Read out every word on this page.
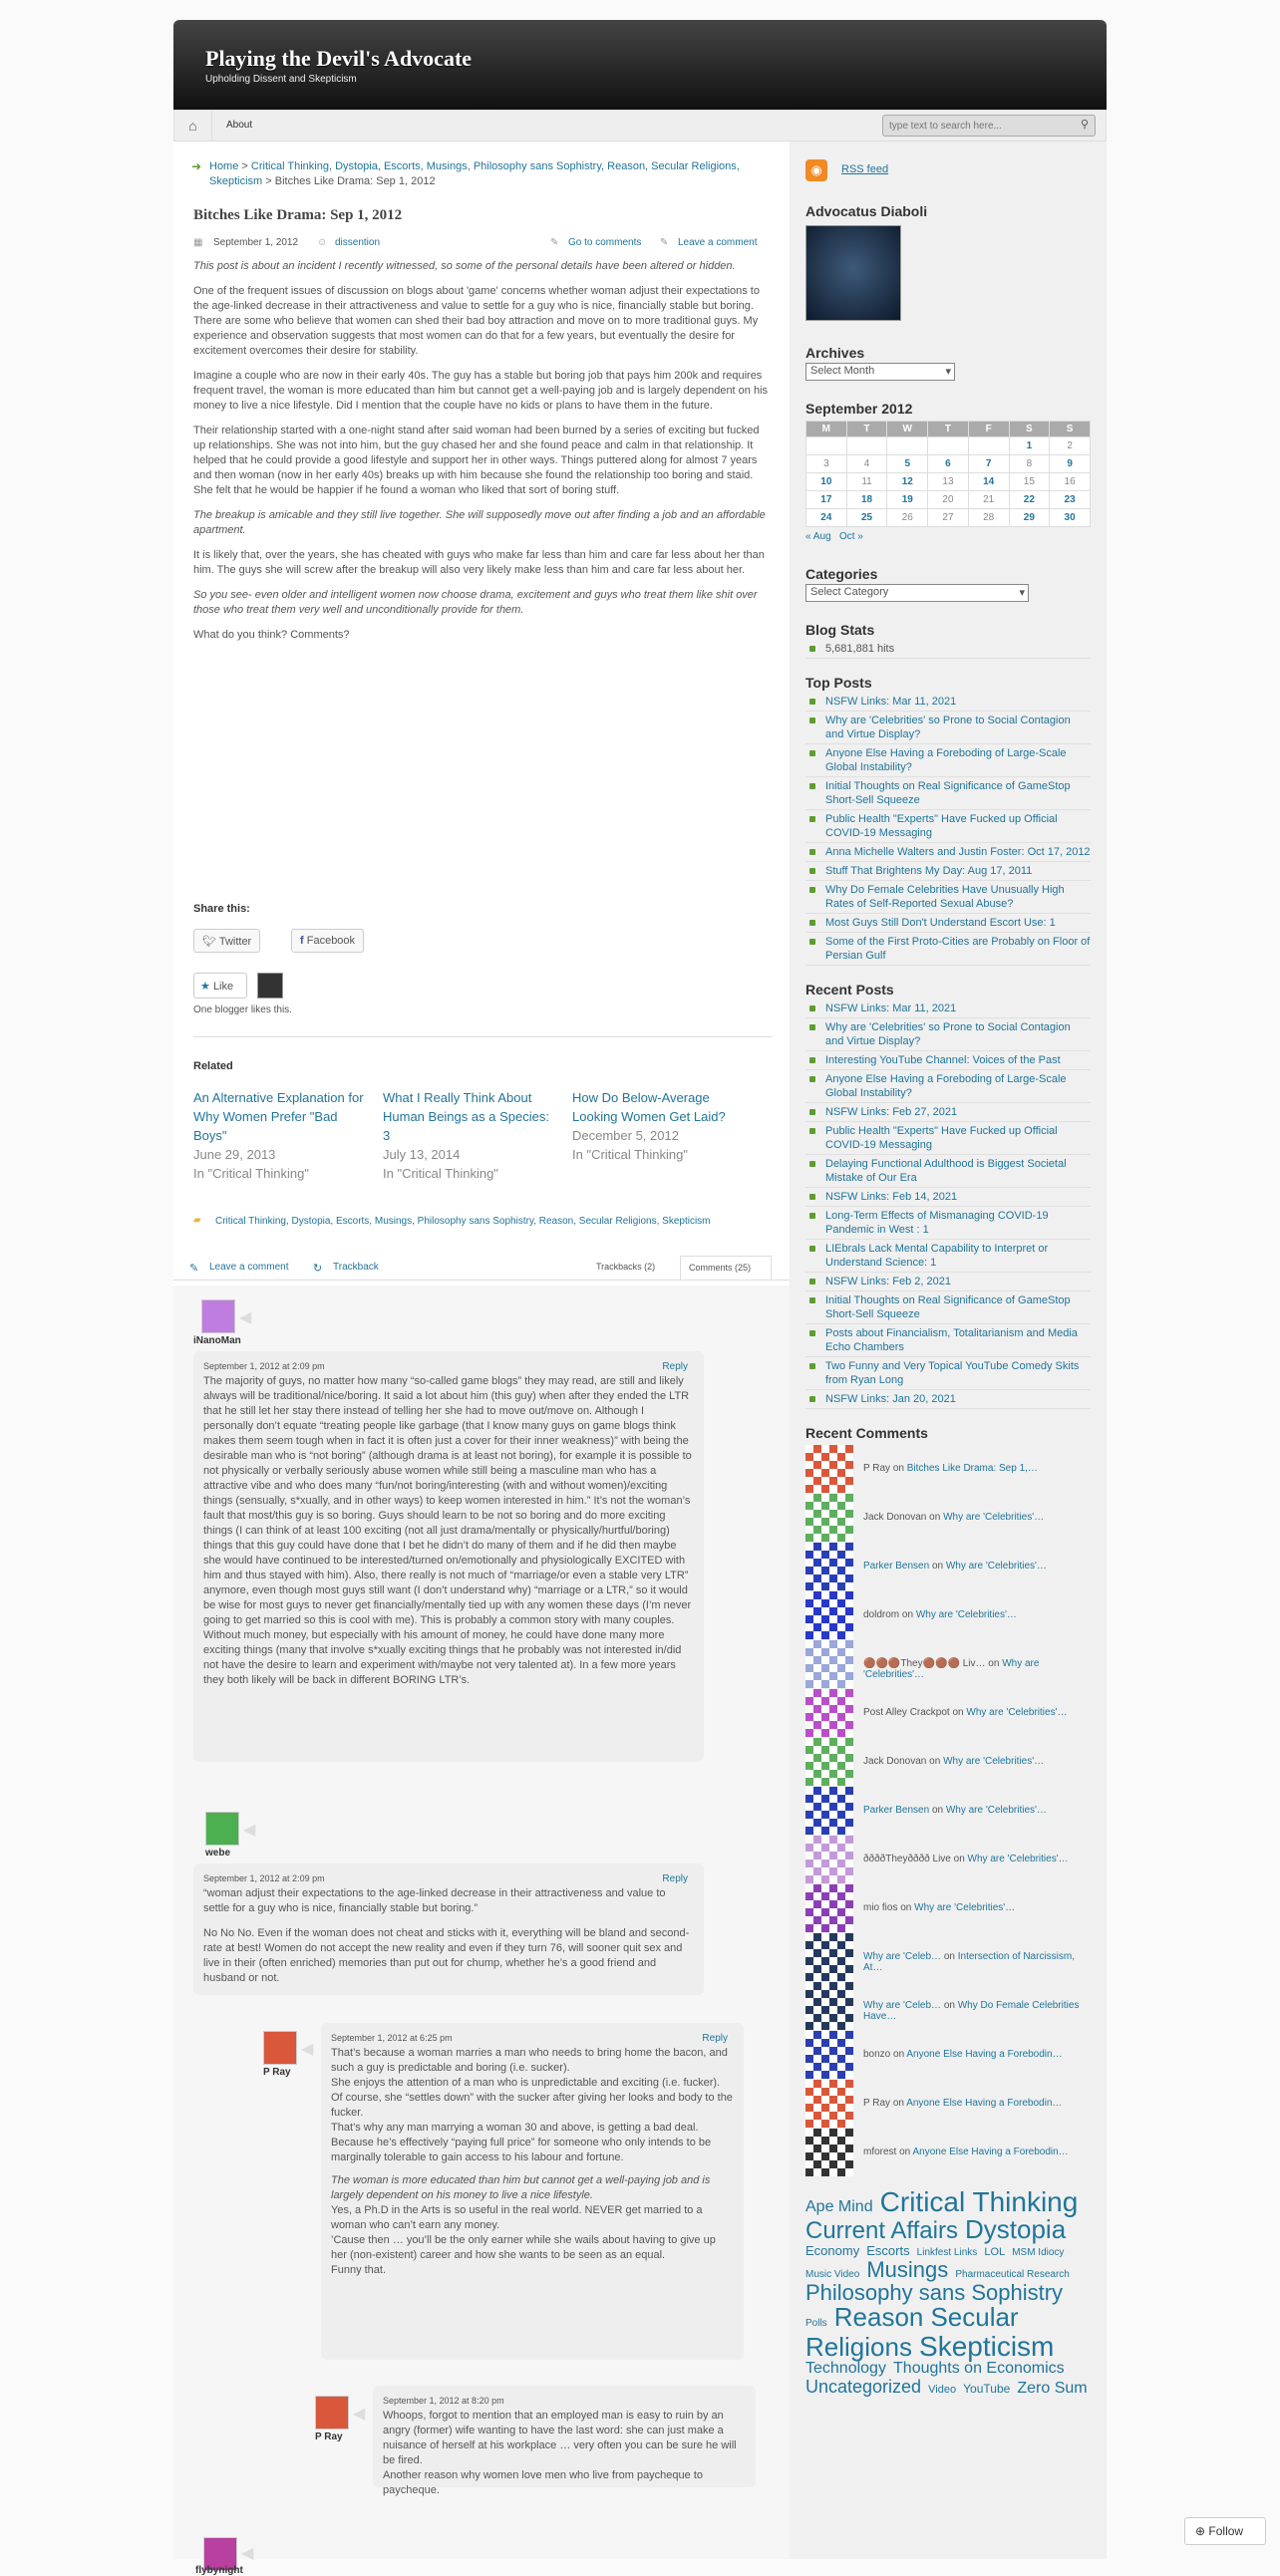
Playing the Devil's Advocate
Upholding Dissent and Skepticism
⌂	About
type text to search here...	⚲
➜ Home > Critical Thinking, Dystopia, Escorts, Musings, Philosophy sans Sophistry, Reason, Secular Religions, Skepticism > Bitches Like Drama: Sep 1, 2012
Bitches Like Drama: Sep 1, 2012
▦ September 1, 2012 ☺ dissention	✎ Go to comments ✎ Leave a comment

This post is about an incident I recently witnessed, so some of the personal details have been altered or hidden.

One of the frequent issues of discussion on blogs about 'game' concerns whether woman adjust their expectations to the age-linked decrease in their attractiveness and value to settle for a guy who is nice, financially stable but boring. There are some who believe that women can shed their bad boy attraction and move on to more traditional guys. My experience and observation suggests that most women can do that for a few years, but eventually the desire for excitement overcomes their desire for stability.

Imagine a couple who are now in their early 40s. The guy has a stable but boring job that pays him 200k and requires frequent travel, the woman is more educated than him but cannot get a well-paying job and is largely dependent on his money to live a nice lifestyle. Did I mention that the couple have no kids or plans to have them in the future.

Their relationship started with a one-night stand after said woman had been burned by a series of exciting but fucked up relationships. She was not into him, but the guy chased her and she found peace and calm in that relationship. It helped that he could provide a good lifestyle and support her in other ways. Things puttered along for almost 7 years and then woman (now in her early 40s) breaks up with him because she found the relationship too boring and staid. She felt that he would be happier if he found a woman who liked that sort of boring stuff.

The breakup is amicable and they still live together. She will supposedly move out after finding a job and an affordable apartment.

It is likely that, over the years, she has cheated with guys who make far less than him and care far less about her than him. The guys she will screw after the breakup will also very likely make less than him and care far less about her.

So you see- even older and intelligent women now choose drama, excitement and guys who treat them like shit over those who treat them very well and unconditionally provide for them.

What do you think? Comments?

Share this:
🐦︎ Twitter	f Facebook
★ Like
One blogger likes this.
Related
An Alternative Explanation for Why Women Prefer "Bad Boys"
June 29, 2013
In "Critical Thinking"
What I Really Think About Human Beings as a Species: 3
July 13, 2014
In "Critical Thinking"
How Do Below-Average Looking Women Get Laid?
December 5, 2012
In "Critical Thinking"
▰ Critical Thinking, Dystopia, Escorts, Musings, Philosophy sans Sophistry, Reason, Secular Religions, Skepticism
✎ Leave a comment ↻ Trackback	Trackbacks (2)	Comments (25)
◀
iNanoMan
September 1, 2012 at 2:09 pm	Reply

The majority of guys, no matter how many “so-called game blogs” they may read, are still and likely always will be traditional/nice/boring. It said a lot about him (this guy) when after they ended the LTR that he still let her stay there instead of telling her she had to move out/move on. Although I personally don’t equate “treating people like garbage (that I know many guys on game blogs think makes them seem tough when in fact it is often just a cover for their inner weakness)” with being the desirable man who is “not boring” (although drama is at least not boring), for example it is possible to not physically or verbally seriously abuse women while still being a masculine man who has a attractive vibe and who does many “fun/not boring/interesting (with and without women)/exciting things (sensually, s*xually, and in other ways) to keep women interested in him.” It’s not the woman’s fault that most/this guy is so boring. Guys should learn to be not so boring and do more exciting things (I can think of at least 100 exciting (not all just drama/mentally or physically/hurtful/boring) things that this guy could have done that I bet he didn’t do many of them and if he did then maybe she would have continued to be interested/turned on/emotionally and physiologically EXCITED with him and thus stayed with him). Also, there really is not much of “marriage/or even a stable very LTR” anymore, even though most guys still want (I don’t understand why) “marriage or a LTR,” so it would be wise for most guys to never get financially/mentally tied up with any women these days (I’m never going to get married so this is cool with me). This is probably a common story with many couples. Without much money, but especially with his amount of money, he could have done many more exciting things (many that involve s*xually exciting things that he probably was not interested in/did not have the desire to learn and experiment with/maybe not very talented at). In a few more years they both likely will be back in different BORING LTR’s.

◀
webe
September 1, 2012 at 2:09 pm	Reply

“woman adjust their expectations to the age-linked decrease in their attractiveness and value to settle for a guy who is nice, financially stable but boring.”

No No No. Even if the woman does not cheat and sticks with it, everything will be bland and second-rate at best! Women do not accept the new reality and even if they turn 76, will sooner quit sex and live in their (often enriched) memories than put out for chump, whether he’s a good friend and husband or not.

◀
P Ray
September 1, 2012 at 6:25 pm	Reply

That’s because a woman marries a man who needs to bring home the bacon, and such a guy is predictable and boring (i.e. sucker).

She enjoys the attention of a man who is unpredictable and exciting (i.e. fucker).

Of course, she “settles down” with the sucker after giving her looks and body to the fucker.

That’s why any man marrying a woman 30 and above, is getting a bad deal.

Because he’s effectively “paying full price” for someone who only intends to be marginally tolerable to gain access to his labour and fortune.

The woman is more educated than him but cannot get a well-paying job and is largely dependent on his money to live a nice lifestyle.

Yes, a Ph.D in the Arts is so useful in the real world. NEVER get married to a woman who can’t earn any money.

’Cause then … you’ll be the only earner while she wails about having to give up her (non-existent) career and how she wants to be seen as an equal.

Funny that.

◀
P Ray
September 1, 2012 at 8:20 pm

Whoops, forgot to mention that an employed man is easy to ruin by an angry (former) wife wanting to have the last word: she can just make a nuisance of herself at his workplace … very often you can be sure he will be fired.

Another reason why women love men who live from paycheque to paycheque.

◀
flybynight
◉	RSS feed
Advocatus Diaboli
Archives
Select Month	▾
September 2012
M	T	W	T	F	S	S
					1	2
3	4	5	6	7	8	9
10	11	12	13	14	15	16
17	18	19	20	21	22	23
24	25	26	27	28	29	30
« Aug Oct »
Categories
Select Category	▾
Blog Stats
5,681,881 hits
Top Posts
NSFW Links: Mar 11, 2021
Why are 'Celebrities' so Prone to Social Contagion and Virtue Display?
Anyone Else Having a Foreboding of Large-Scale Global Instability?
Initial Thoughts on Real Significance of GameStop Short-Sell Squeeze
Public Health "Experts" Have Fucked up Official COVID-19 Messaging
Anna Michelle Walters and Justin Foster: Oct 17, 2012
Stuff That Brightens My Day: Aug 17, 2011
Why Do Female Celebrities Have Unusually High Rates of Self-Reported Sexual Abuse?
Most Guys Still Don't Understand Escort Use: 1
Some of the First Proto-Cities are Probably on Floor of Persian Gulf
Recent Posts
NSFW Links: Mar 11, 2021
Why are 'Celebrities' so Prone to Social Contagion and Virtue Display?
Interesting YouTube Channel: Voices of the Past
Anyone Else Having a Foreboding of Large-Scale Global Instability?
NSFW Links: Feb 27, 2021
Public Health "Experts" Have Fucked up Official COVID-19 Messaging
Delaying Functional Adulthood is Biggest Societal Mistake of Our Era
NSFW Links: Feb 14, 2021
Long-Term Effects of Mismanaging COVID-19 Pandemic in West : 1
LIEbrals Lack Mental Capability to Interpret or Understand Science: 1
NSFW Links: Feb 2, 2021
Initial Thoughts on Real Significance of GameStop Short-Sell Squeeze
Posts about Financialism, Totalitarianism and Media Echo Chambers
Two Funny and Very Topical YouTube Comedy Skits from Ryan Long
NSFW Links: Jan 20, 2021
Recent Comments
P Ray on Bitches Like Drama: Sep 1,…
Jack Donovan on Why are 'Celebrities'…
Parker Bensen on Why are 'Celebrities'…
doldrom on Why are 'Celebrities'…
🟤🟤🟤They🟤🟤🟤 Liv… on Why are 'Celebrities'…
Post Alley Crackpot on Why are 'Celebrities'…
Jack Donovan on Why are 'Celebrities'…
Parker Bensen on Why are 'Celebrities'…
ððððTheyðððð Live on Why are 'Celebrities'…
mio fios on Why are 'Celebrities'…
Why are 'Celeb… on Intersection of Narcissism, At…
Why are 'Celeb… on Why Do Female Celebrities Have…
bonzo on Anyone Else Having a Forebodin…
P Ray on Anyone Else Having a Forebodin…
mforest on Anyone Else Having a Forebodin…
Ape Mind Critical Thinking Current Affairs Dystopia Economy Escorts Linkfest Links LOL MSM Idiocy Music Video Musings Pharmaceutical Research Philosophy sans Sophistry Polls Reason Secular Religions Skepticism Technology Thoughts on Economics Uncategorized Video YouTube Zero Sum
⊕ Follow
